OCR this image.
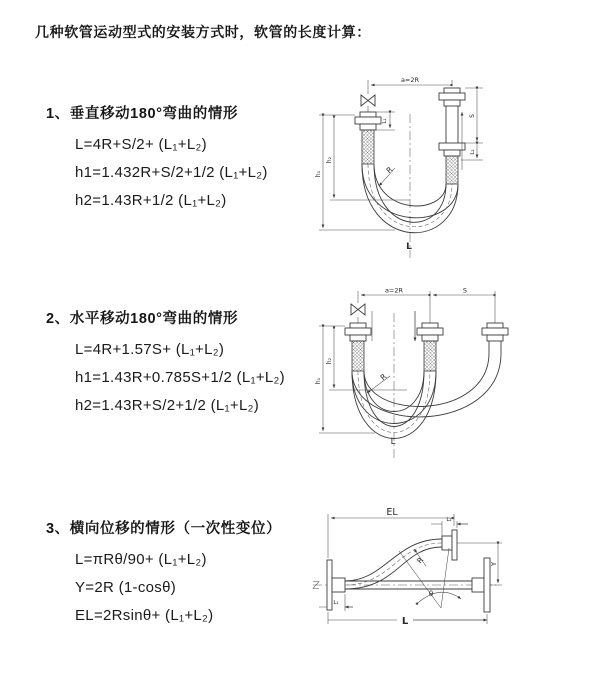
几种软管运动型式的安装方式时，软管的长度计算：
1、垂直移动180°弯曲的情形
L=4R+S/2+ (L₁+L₂)
h1=1.432R+S/2+1/2 (L₁+L₂)
h2=1.43R+1/2 (L₁+L₂)
2、水平移动180°弯曲的情形
L=4R+1.57S+ (L₁+L₂)
h1=1.43R+0.785S+1/2 (L₁+L₂)
h2=1.43R+S/2+1/2 (L₁+L₂)
3、横向位移的情形（一次性变位）
L=πRθ/90+ (L₁+L₂)
Y=2R (1-cosθ)
EL=2Rsinθ+ (L₁+L₂)
a=2R
S
L₂
h₁
h₂
L₁
R
L
a=2R	S
h₁
h₂
R
L
EL
L₂
Y
R
θ
L
L₁
